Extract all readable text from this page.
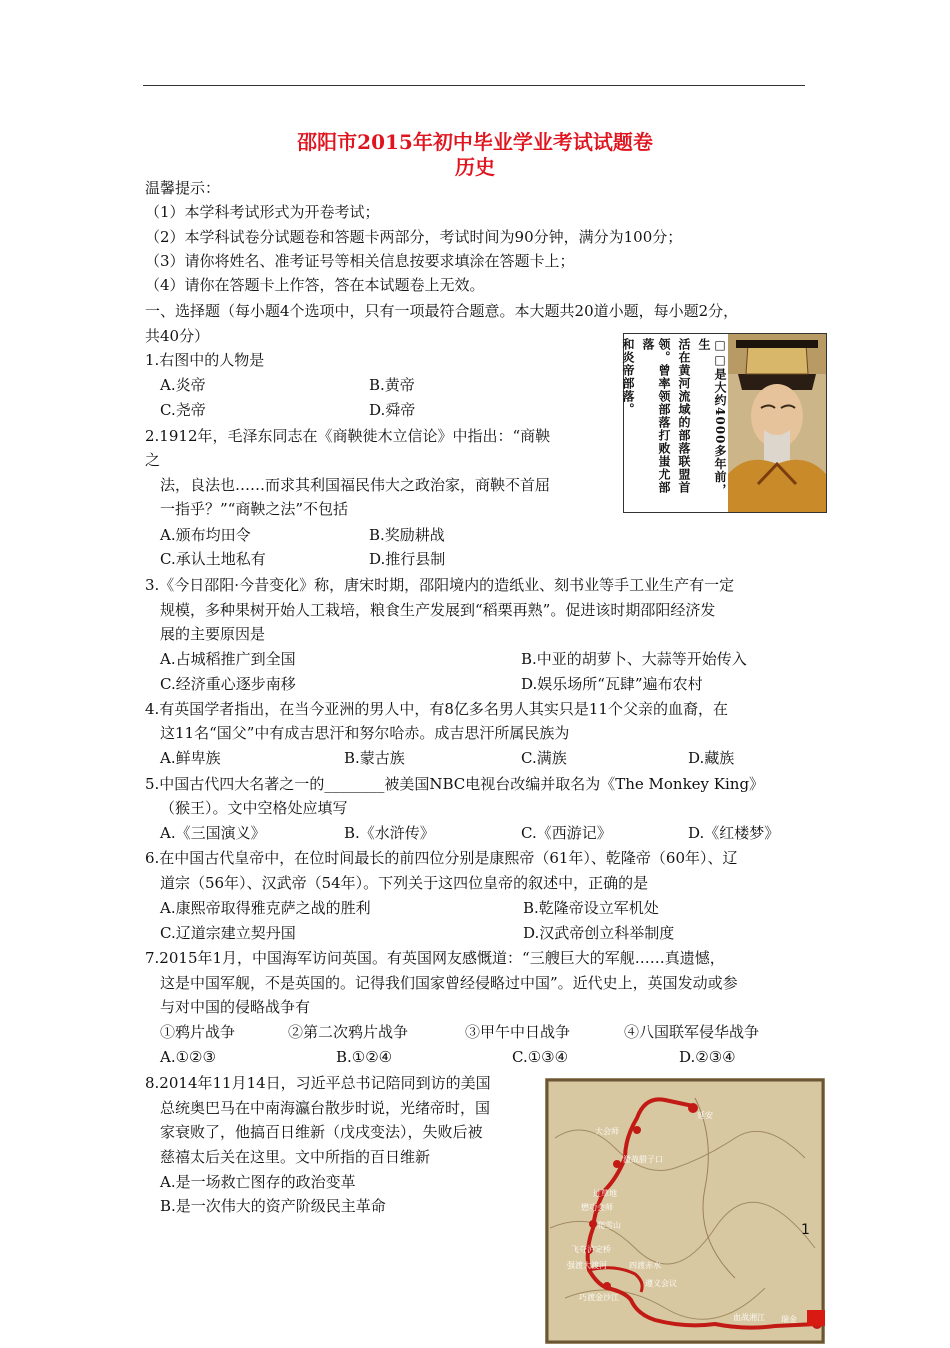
邵阳市2015年初中毕业学业考试试题卷
历史
温馨提示：
（1）本学科考试形式为开卷考试；
（2）本学科试卷分试题卷和答题卡两部分，考试时间为90分钟，满分为100分；
（3）请你将姓名、准考证号等相关信息按要求填涂在答题卡上；
（4）请你在答题卡上作答，答在本试题卷上无效。
一、选择题（每小题4个选项中，只有一项最符合题意。本大题共20道小题，每小题2分，
共40分）
1.右图中的人物是
A.炎帝	B.黄帝
C.尧帝	D.舜帝	□□是大约4000多年前，生
活在黄河流域的部落联盟首
领。曾率领部落打败蚩尤部落
和炎帝部落。
2.1912年，毛泽东同志在《商鞅徙木立信论》中指出：“商鞅
之
法，良法也……而求其利国福民伟大之政治家，商鞅不首屈
一指乎？”“商鞅之法”不包括
A.颁布均田令	B.奖励耕战
C.承认土地私有	D.推行县制
3.《今日邵阳·今昔变化》称，唐宋时期，邵阳境内的造纸业、刻书业等手工业生产有一定
规模，多种果树开始人工栽培，粮食生产发展到“稻栗再熟”。促进该时期邵阳经济发
展的主要原因是
A.占城稻推广到全国	B.中亚的胡萝卜、大蒜等开始传入
C.经济重心逐步南移	D.娱乐场所“瓦肆”遍布农村
4.有英国学者指出，在当今亚洲的男人中，有8亿多名男人其实只是11个父亲的血裔，在
这11名“国父”中有成吉思汗和努尔哈赤。成吉思汗所属民族为
A.鲜卑族	B.蒙古族	C.满族	D.藏族
5.中国古代四大名著之一的________被美国NBC电视台改编并取名为《The Monkey King》
（猴王）。文中空格处应填写
A.《三国演义》	B.《水浒传》	C.《西游记》	D.《红楼梦》
6.在中国古代皇帝中，在位时间最长的前四位分别是康熙帝（61年）、乾隆帝（60年）、辽
道宗（56年）、汉武帝（54年）。下列关于这四位皇帝的叙述中，正确的是
A.康熙帝取得雅克萨之战的胜利	B.乾隆帝设立军机处
C.辽道宗建立契丹国	D.汉武帝创立科举制度
7.2015年1月，中国海军访问英国。有英国网友感慨道：“三艘巨大的军舰……真遗憾，
这是中国军舰，不是英国的。记得我们国家曾经侵略过中国”。近代史上，英国发动或参
与对中国的侵略战争有
①鸦片战争	②第二次鸦片战争	③甲午中日战争	④八国联军侵华战争
A.①②③	B.①②④	C.①③④	D.②③④
8.2014年11月14日，习近平总书记陪同到访的美国
总统奥巴马在中南海瀛台散步时说，光绪帝时，国
家衰败了，他搞百日维新（戊戌变法），失败后被
慈禧太后关在这里。文中所指的百日维新
A.是一场救亡图存的政治变革
B.是一次伟大的资产阶级民主革命
延安
大会师
激战腊子口
过草地
懋功会师
爬雪山
飞夺泸定桥
强渡大渡河	四渡赤水
遵义会议
巧渡金沙江
血战湘江 瑞金
1
